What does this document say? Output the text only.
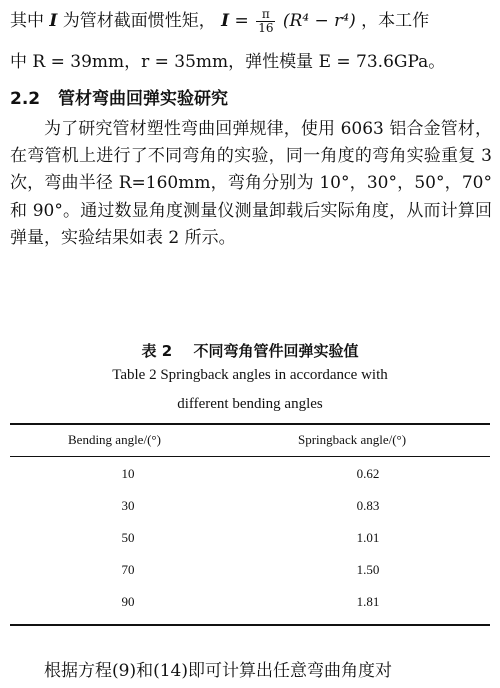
其中 I 为管材截面惯性矩， $I = \frac{\pi}{16} (R^4 - r^4)$ ，本工作
中 R = 39mm，r = 35mm，弹性模量 E = 73.6GPa。
2.2 管材弯曲回弹实验研究

为了研究管材塑性弯曲回弹规律，使用 6063 铝合金管材，在弯管机上进行了不同弯角的实验，同一角度的弯角实验重复 3 次，弯曲半径 R=160mm，弯角分别为 10°，30°，50°，70°和 90°。通过数显角度测量仪测量卸载后实际角度，从而计算回弹量，实验结果如表 2 所示。

表 2 不同弯角管件回弹实验值
Table 2 Springback angles in accordance with
different bending angles
Bending angle/(°)	Springback angle/(°)
10	0.62
30	0.83
50	1.01
70	1.50
90	1.81
根据方程(9)和(14)即可计算出任意弯曲角度对
